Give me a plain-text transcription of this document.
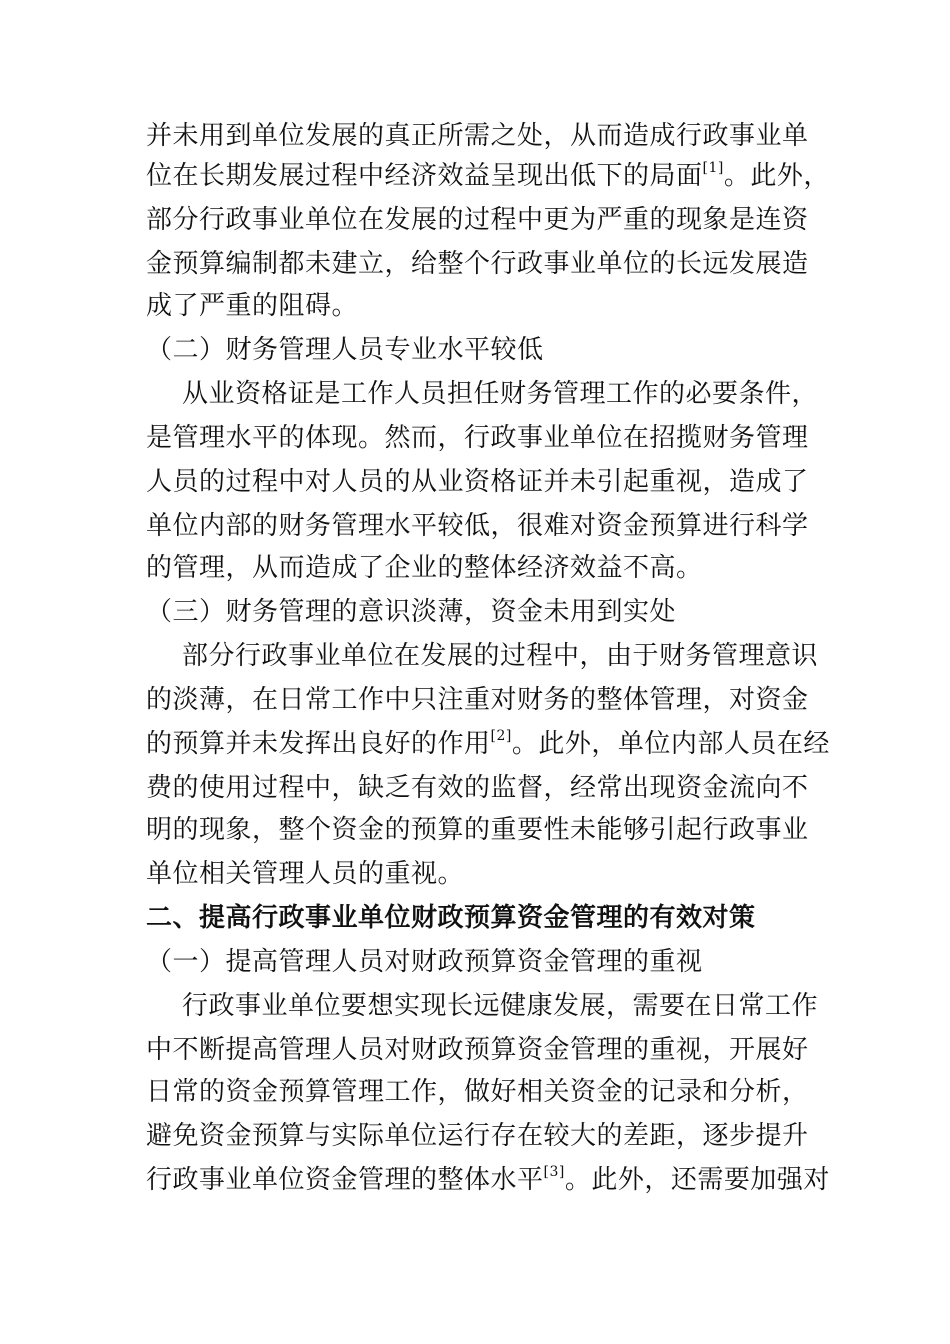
并未用到单位发展的真正所需之处，从而造成行政事业单
位在长期发展过程中经济效益呈现出低下的局面[1]。此外，
部分行政事业单位在发展的过程中更为严重的现象是连资
金预算编制都未建立，给整个行政事业单位的长远发展造
成了严重的阻碍。
（二）财务管理人员专业水平较低
从业资格证是工作人员担任财务管理工作的必要条件，
是管理水平的体现。然而，行政事业单位在招揽财务管理
人员的过程中对人员的从业资格证并未引起重视，造成了
单位内部的财务管理水平较低，很难对资金预算进行科学
的管理，从而造成了企业的整体经济效益不高。
（三）财务管理的意识淡薄，资金未用到实处
部分行政事业单位在发展的过程中，由于财务管理意识
的淡薄，在日常工作中只注重对财务的整体管理，对资金
的预算并未发挥出良好的作用[2]。此外，单位内部人员在经
费的使用过程中，缺乏有效的监督，经常出现资金流向不
明的现象，整个资金的预算的重要性未能够引起行政事业
单位相关管理人员的重视。
二、提高行政事业单位财政预算资金管理的有效对策
（一）提高管理人员对财政预算资金管理的重视
行政事业单位要想实现长远健康发展，需要在日常工作
中不断提高管理人员对财政预算资金管理的重视，开展好
日常的资金预算管理工作，做好相关资金的记录和分析，
避免资金预算与实际单位运行存在较大的差距，逐步提升
行政事业单位资金管理的整体水平[3]。此外，还需要加强对
